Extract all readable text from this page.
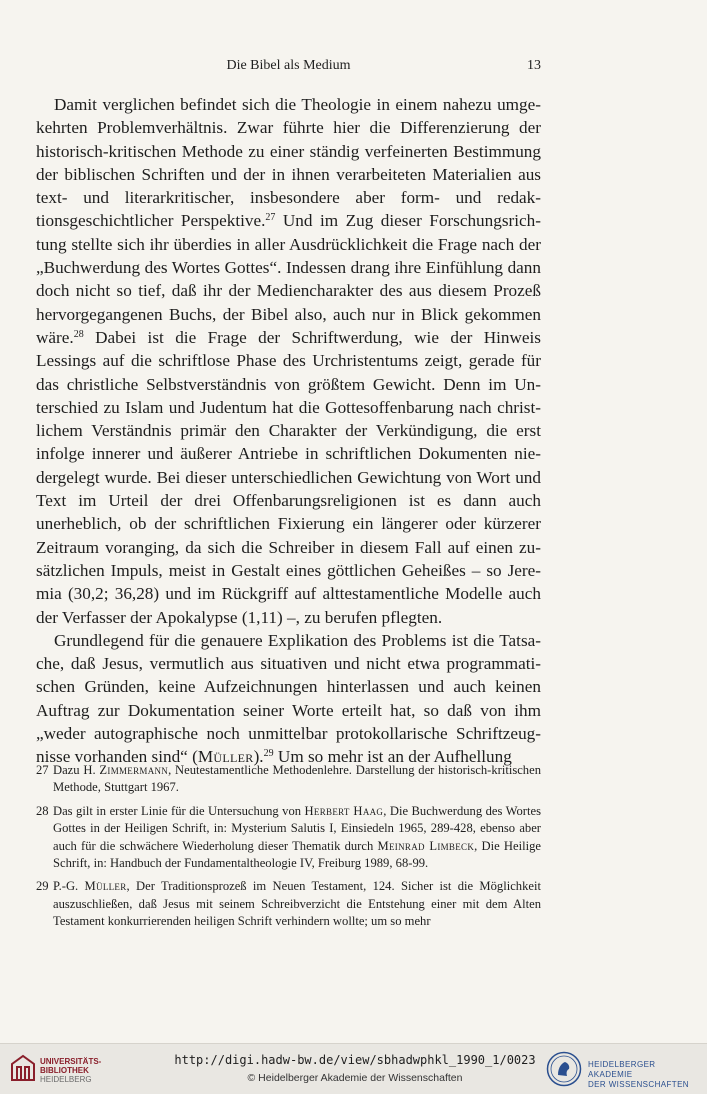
Die Bibel als Medium	13

Damit verglichen befindet sich die Theologie in einem nahezu umgekehrten Problemverhältnis. Zwar führte hier die Differenzierung der historisch-kritischen Methode zu einer ständig verfeinerten Bestimmung der biblischen Schriften und der in ihnen verarbeiteten Materialien aus text- und literarkritischer, insbesondere aber form- und redaktionsgeschichtlicher Perspektive.$^{27}$ Und im Zug dieser Forschungsrichtung stellte sich ihr überdies in aller Ausdrücklichkeit die Frage nach der „Buchwerdung des Wortes Gottes“. Indessen drang ihre Einfühlung dann doch nicht so tief, daß ihr der Mediencharakter des aus diesem Prozeß hervorgegangenen Buchs, der Bibel also, auch nur in Blick gekommen wäre.$^{28}$ Dabei ist die Frage der Schriftwerdung, wie der Hinweis Lessings auf die schriftlose Phase des Urchristentums zeigt, gerade für das christliche Selbstverständnis von größtem Gewicht. Denn im Unterschied zu Islam und Judentum hat die Gottesoffenbarung nach christlichem Verständnis primär den Charakter der Verkündigung, die erst infolge innerer und äußerer Antriebe in schriftlichen Dokumenten niedergelegt wurde. Bei dieser unterschiedlichen Gewichtung von Wort und Text im Urteil der drei Offenbarungsreligionen ist es dann auch unerheblich, ob der schriftlichen Fixierung ein längerer oder kürzerer Zeitraum voranging, da sich die Schreiber in diesem Fall auf einen zusätzlichen Impuls, meist in Gestalt eines göttlichen Geheißes – so Jeremia (30,2; 36,28) und im Rückgriff auf alttestamentliche Modelle auch der Verfasser der Apokalypse (1,11) –, zu berufen pflegten.

Grundlegend für die genauere Explikation des Problems ist die Tatsache, daß Jesus, vermutlich aus situativen und nicht etwa programmatischen Gründen, keine Aufzeichnungen hinterlassen und auch keinen Auftrag zur Dokumentation seiner Worte erteilt hat, so daß von ihm „weder autographische noch unmittelbar protokollarische Schriftzeugnisse vorhanden sind“ (Müller).$^{29}$ Um so mehr ist an der Aufhellung

27 Dazu H. Zimmermann, Neutestamentliche Methodenlehre. Darstellung der historisch-kritischen Methode, Stuttgart 1967.
28 Das gilt in erster Linie für die Untersuchung von Herbert Haag, Die Buchwerdung des Wortes Gottes in der Heiligen Schrift, in: Mysterium Salutis I, Einsiedeln 1965, 289-428, ebenso aber auch für die schwächere Wiederholung dieser Thematik durch Meinrad Limbeck, Die Heilige Schrift, in: Handbuch der Fundamentaltheologie IV, Freiburg 1989, 68-99.
29 P.-G. Müller, Der Traditionsprozeß im Neuen Testament, 124. Sicher ist die Möglichkeit auszuschließen, daß Jesus mit seinem Schreibverzicht die Entstehung einer mit dem Alten Testament konkurrierenden heiligen Schrift verhindern wollte; um so mehr
UNIVERSITÄTS-
BIBLIOTHEK
HEIDELBERG
http://digi.hadw-bw.de/view/sbhadwphkl_1990_1/0023
© Heidelberger Akademie der Wissenschaften
HEIDELBERGER AKADEMIE
DER WISSENSCHAFTEN
